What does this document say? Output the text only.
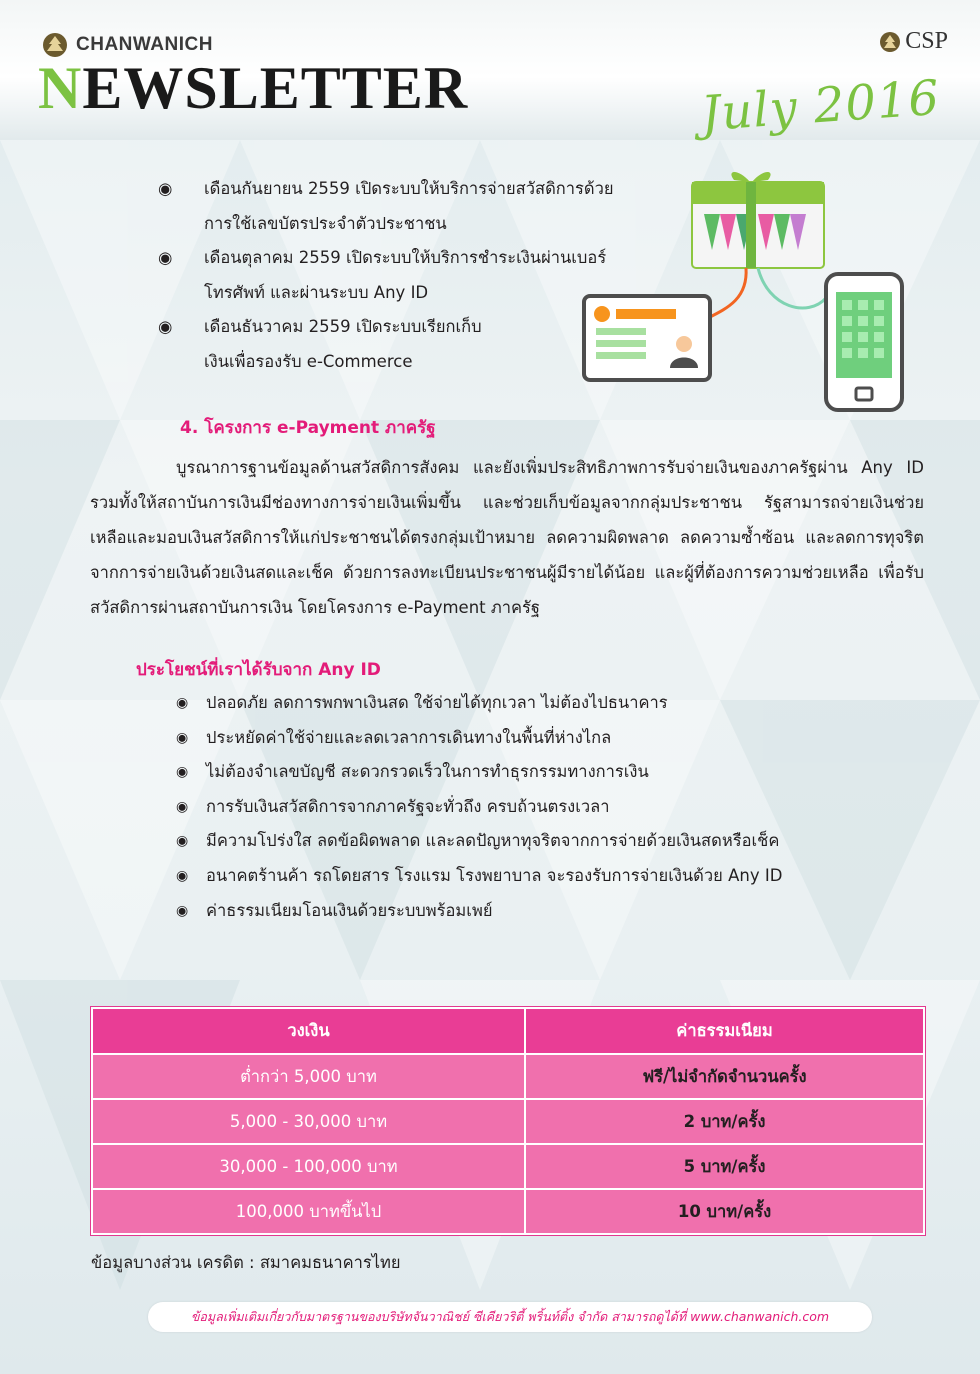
CHANWANICH
NEWSLETTER
CSP
July 2016
◉	เดือนกันยายน 2559 เปิดระบบให้บริการจ่ายสวัสดิการด้วย
การใช้เลขบัตรประจำตัวประชาชน
◉	เดือนตุลาคม 2559 เปิดระบบให้บริการชำระเงินผ่านเบอร์
โทรศัพท์ และผ่านระบบ Any ID
◉	เดือนธันวาคม 2559 เปิดระบบเรียกเก็บ
เงินเพื่อรองรับ e-Commerce
4. โครงการ e-Payment ภาครัฐ
บูรณาการฐานข้อมูลด้านสวัสดิการสังคม และยังเพิ่มประสิทธิภาพการรับจ่ายเงินของภาครัฐผ่าน Any ID รวมทั้งให้สถาบันการเงินมีช่องทางการจ่ายเงินเพิ่มขึ้น และช่วยเก็บข้อมูลจากกลุ่มประชาชน รัฐสามารถจ่ายเงินช่วยเหลือและมอบเงินสวัสดิการให้แก่ประชาชนได้ตรงกลุ่มเป้าหมาย ลดความผิดพลาด ลดความซ้ำซ้อน และลดการทุจริตจากการจ่ายเงินด้วยเงินสดและเช็ค ด้วยการลงทะเบียนประชาชนผู้มีรายได้น้อย และผู้ที่ต้องการความช่วยเหลือ เพื่อรับสวัสดิการผ่านสถาบันการเงิน โดยโครงการ e-Payment ภาครัฐ
ประโยชน์ที่เราได้รับจาก Any ID
◉	ปลอดภัย ลดการพกพาเงินสด ใช้จ่ายได้ทุกเวลา ไม่ต้องไปธนาคาร
◉	ประหยัดค่าใช้จ่ายและลดเวลาการเดินทางในพื้นที่ห่างไกล
◉	ไม่ต้องจำเลขบัญชี สะดวกรวดเร็วในการทำธุรกรรมทางการเงิน
◉	การรับเงินสวัสดิการจากภาครัฐจะทั่วถึง ครบถ้วนตรงเวลา
◉	มีความโปร่งใส ลดข้อผิดพลาด และลดปัญหาทุจริตจากการจ่ายด้วยเงินสดหรือเช็ค
◉	อนาคตร้านค้า รถโดยสาร โรงแรม โรงพยาบาล จะรองรับการจ่ายเงินด้วย Any ID
◉	ค่าธรรมเนียมโอนเงินด้วยระบบพร้อมเพย์
วงเงิน	ค่าธรรมเนียม
ต่ำกว่า 5,000 บาท	ฟรี/ไม่จำกัดจำนวนครั้ง
5,000 - 30,000 บาท	2 บาท/ครั้ง
30,000 - 100,000 บาท	5 บาท/ครั้ง
100,000 บาทขึ้นไป	10 บาท/ครั้ง
ข้อมูลบางส่วน เครดิต : สมาคมธนาคารไทย
ข้อมูลเพิ่มเติมเกี่ยวกับมาตรฐานของบริษัทจันวาณิชย์ ซีเคียวริตี้ พริ้นท์ติ้ง จำกัด สามารถดูได้ที่ www.chanwanich.com
